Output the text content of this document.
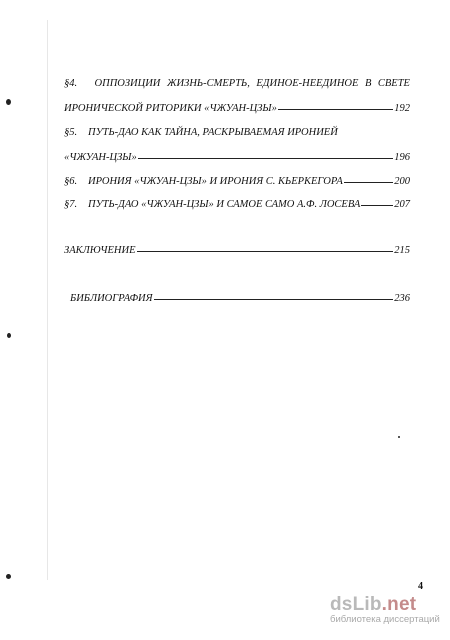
§4.	ОППОЗИЦИИ ЖИЗНЬ-СМЕРТЬ, ЕДИНОЕ-НЕЕДИНОЕ В СВЕТЕ
ИРОНИЧЕСКОЙ РИТОРИКИ «ЧЖУАН-ЦЗЫ»	192
§5.	ПУТЬ-ДАО КАК ТАЙНА, РАСКРЫВАЕМАЯ ИРОНИЕЙ
«ЧЖУАН-ЦЗЫ»	196
§6.	ИРОНИЯ «ЧЖУАН-ЦЗЫ» И ИРОНИЯ С. КЬЕРКЕГОРА	200
§7.	ПУТЬ-ДАО «ЧЖУАН-ЦЗЫ» И САМОЕ САМО А.Ф. ЛОСЕВА	207
ЗАКЛЮЧЕНИЕ	215
БИБЛИОГРАФИЯ	236
4
dsLib.net
библиотека диссертаций
